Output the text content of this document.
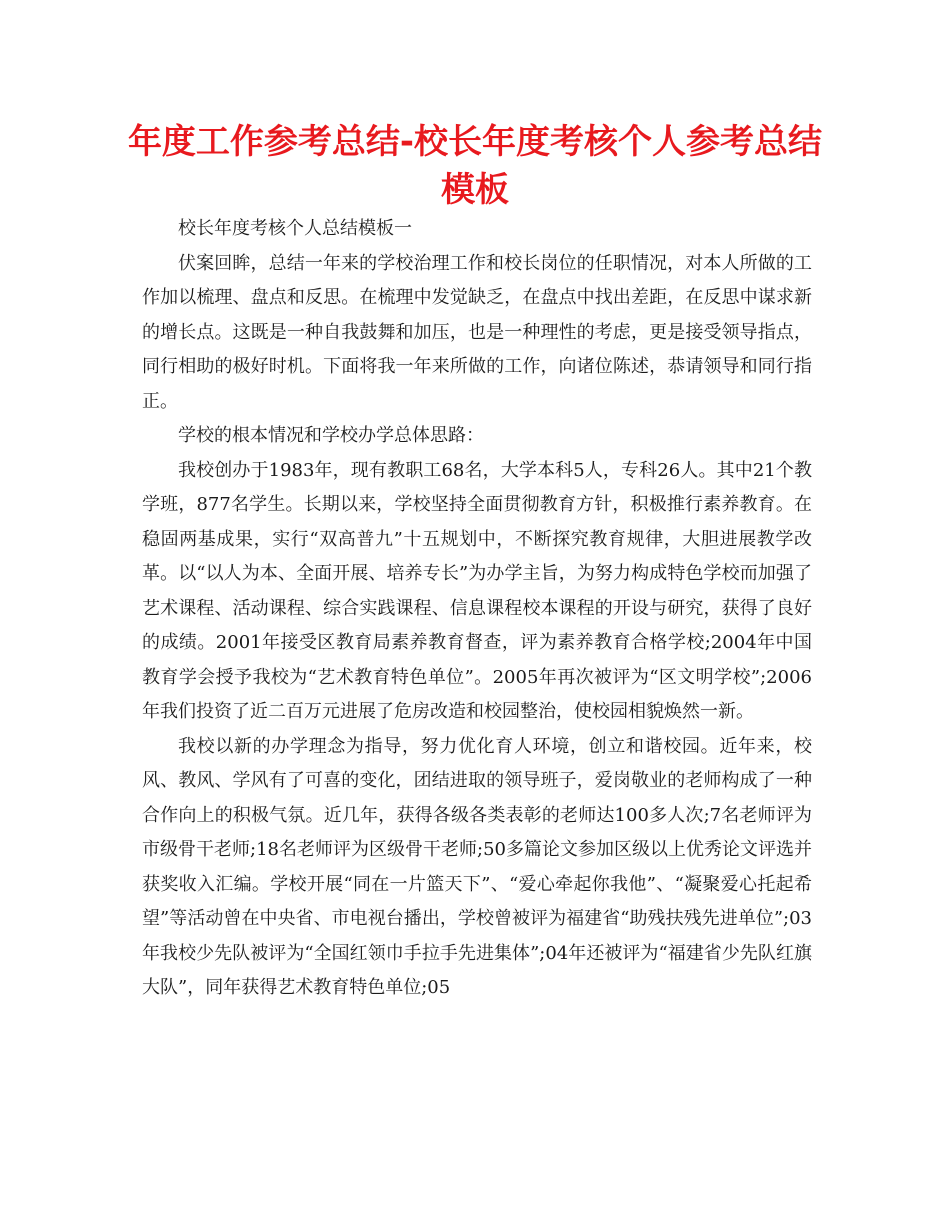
年度工作参考总结-校长年度考核个人参考总结模板

校长年度考核个人总结模板一

伏案回眸，总结一年来的学校治理工作和校长岗位的任职情况，对本人所做的工作加以梳理、盘点和反思。在梳理中发觉缺乏，在盘点中找出差距，在反思中谋求新的增长点。这既是一种自我鼓舞和加压，也是一种理性的考虑，更是接受领导指点，同行相助的极好时机。下面将我一年来所做的工作，向诸位陈述，恭请领导和同行指正。

学校的根本情况和学校办学总体思路：

我校创办于1983年，现有教职工68名，大学本科5人，专科26人。其中21个教学班，877名学生。长期以来，学校坚持全面贯彻教育方针，积极推行素养教育。在稳固两基成果，实行“双高普九”十五规划中，不断探究教育规律，大胆进展教学改革。以“以人为本、全面开展、培养专长”为办学主旨，为努力构成特色学校而加强了艺术课程、活动课程、综合实践课程、信息课程校本课程的开设与研究，获得了良好的成绩。2001年接受区教育局素养教育督查，评为素养教育合格学校;2004年中国教育学会授予我校为“艺术教育特色单位”。2005年再次被评为“区文明学校”;2006年我们投资了近二百万元进展了危房改造和校园整治，使校园相貌焕然一新。

我校以新的办学理念为指导，努力优化育人环境，创立和谐校园。近年来，校风、教风、学风有了可喜的变化，团结进取的领导班子，爱岗敬业的老师构成了一种合作向上的积极气氛。近几年，获得各级各类表彰的老师达100多人次;7名老师评为市级骨干老师;18名老师评为区级骨干老师;50多篇论文参加区级以上优秀论文评选并获奖收入汇编。学校开展“同在一片篮天下”、“爱心牵起你我他”、“凝聚爱心托起希望”等活动曾在中央省、市电视台播出，学校曾被评为福建省“助残扶残先进单位”;03年我校少先队被评为“全国红领巾手拉手先进集体”;04年还被评为“福建省少先队红旗大队”，同年获得艺术教育特色单位;05
